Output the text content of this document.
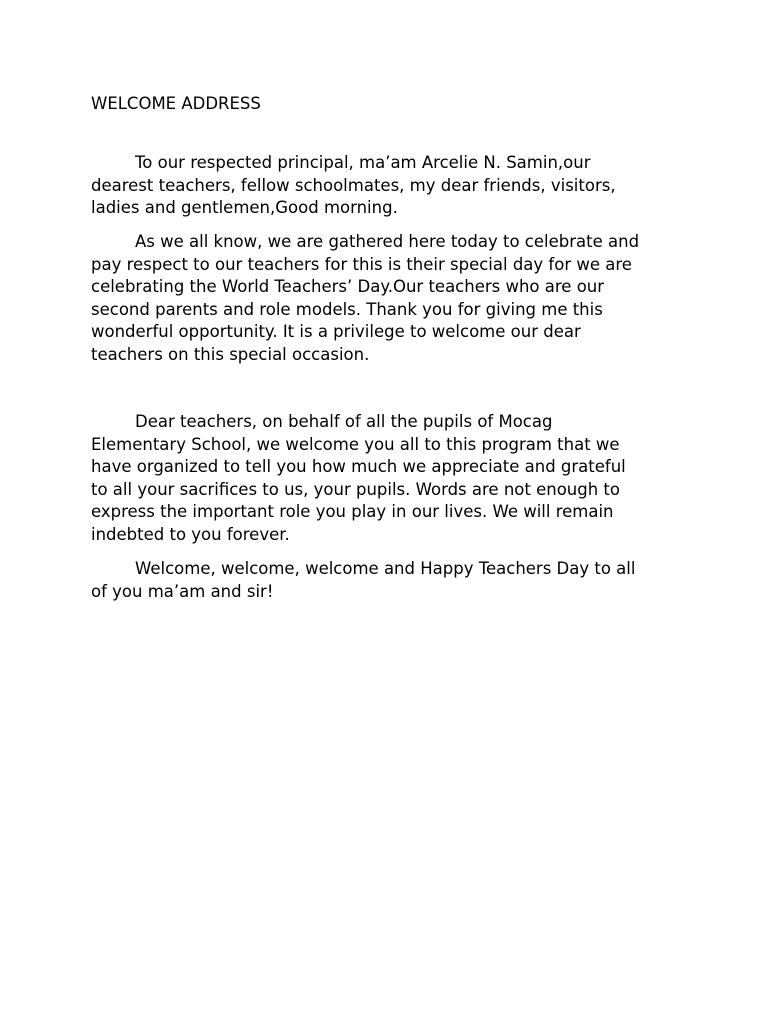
WELCOME ADDRESS
To our respected principal, ma’am Arcelie N. Samin,our
dearest teachers, fellow schoolmates, my dear friends, visitors,
ladies and gentlemen,Good morning.
As we all know, we are gathered here today to celebrate and
pay respect to our teachers for this is their special day for we are
celebrating the World Teachers’ Day.Our teachers who are our
second parents and role models. Thank you for giving me this
wonderful opportunity. It is a privilege to welcome our dear
teachers on this special occasion.
Dear teachers, on behalf of all the pupils of Mocag
Elementary School, we welcome you all to this program that we
have organized to tell you how much we appreciate and grateful
to all your sacrifices to us, your pupils. Words are not enough to
express the important role you play in our lives. We will remain
indebted to you forever.
Welcome, welcome, welcome and Happy Teachers Day to all
of you ma’am and sir!
